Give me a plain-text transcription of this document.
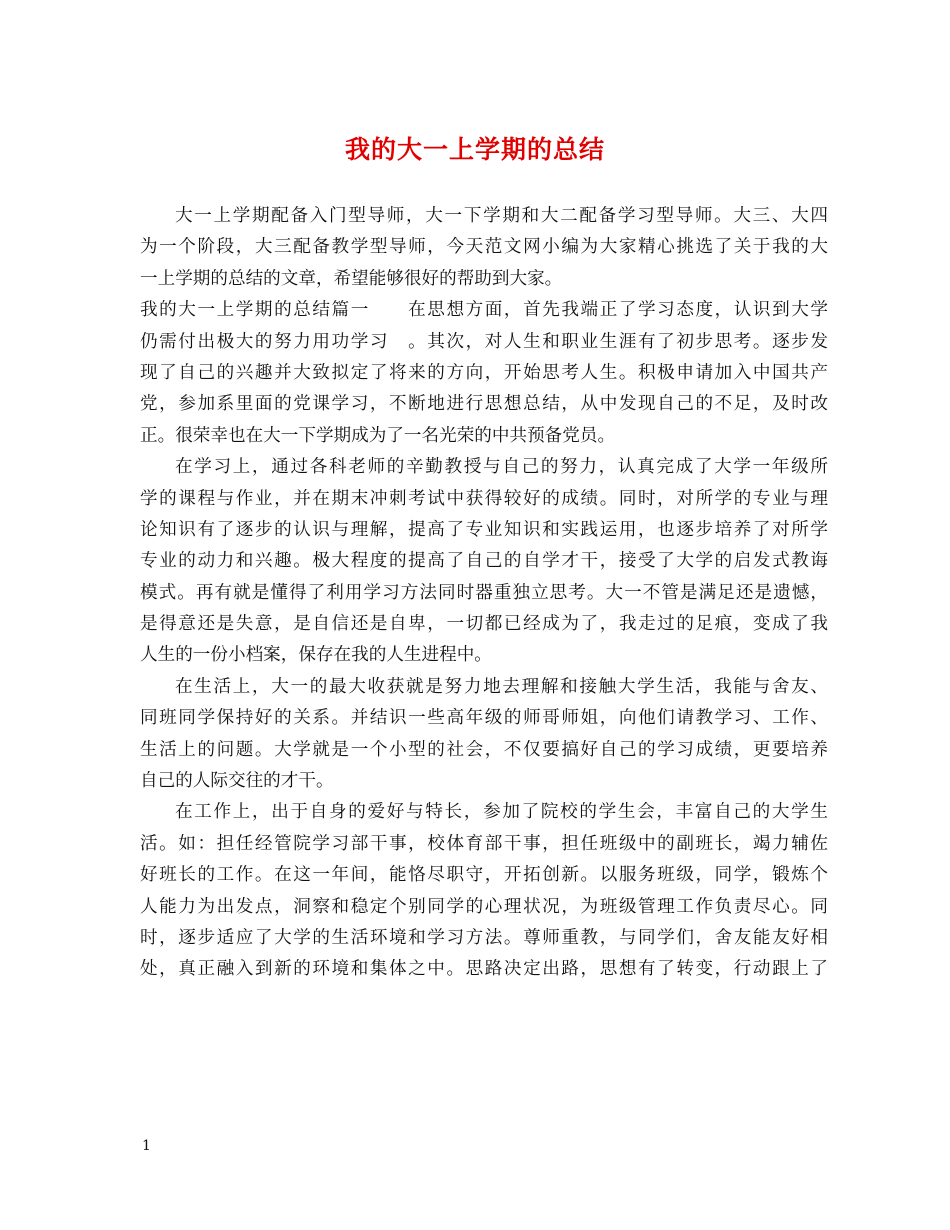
我的大一上学期的总结
大一上学期配备入门型导师，大一下学期和大二配备学习型导师。大三、大四
为一个阶段，大三配备教学型导师，今天范文网小编为大家精心挑选了关于我的大
一上学期的总结的文章，希望能够很好的帮助到大家。
我的大一上学期的总结篇一　　在思想方面，首先我端正了学习态度，认识到大学
仍需付出极大的努力用功学习　。其次，对人生和职业生涯有了初步思考。逐步发
现了自己的兴趣并大致拟定了将来的方向，开始思考人生。积极申请加入中国共产
党，参加系里面的党课学习，不断地进行思想总结，从中发现自己的不足，及时改
正。很荣幸也在大一下学期成为了一名光荣的中共预备党员。
在学习上，通过各科老师的辛勤教授与自己的努力，认真完成了大学一年级所
学的课程与作业，并在期末冲刺考试中获得较好的成绩。同时，对所学的专业与理
论知识有了逐步的认识与理解，提高了专业知识和实践运用，也逐步培养了对所学
专业的动力和兴趣。极大程度的提高了自己的自学才干，接受了大学的启发式教诲
模式。再有就是懂得了利用学习方法同时器重独立思考。大一不管是满足还是遗憾，
是得意还是失意，是自信还是自卑，一切都已经成为了，我走过的足痕，变成了我
人生的一份小档案，保存在我的人生进程中。
在生活上，大一的最大收获就是努力地去理解和接触大学生活，我能与舍友、
同班同学保持好的关系。并结识一些高年级的师哥师姐，向他们请教学习、工作、
生活上的问题。大学就是一个小型的社会，不仅要搞好自己的学习成绩，更要培养
自己的人际交往的才干。
在工作上，出于自身的爱好与特长，参加了院校的学生会，丰富自己的大学生
活。如：担任经管院学习部干事，校体育部干事，担任班级中的副班长，竭力辅佐
好班长的工作。在这一年间，能恪尽职守，开拓创新。以服务班级，同学，锻炼个
人能力为出发点，洞察和稳定个别同学的心理状况，为班级管理工作负责尽心。同
时，逐步适应了大学的生活环境和学习方法。尊师重教，与同学们，舍友能友好相
处，真正融入到新的环境和集体之中。思路决定出路，思想有了转变，行动跟上了
1
